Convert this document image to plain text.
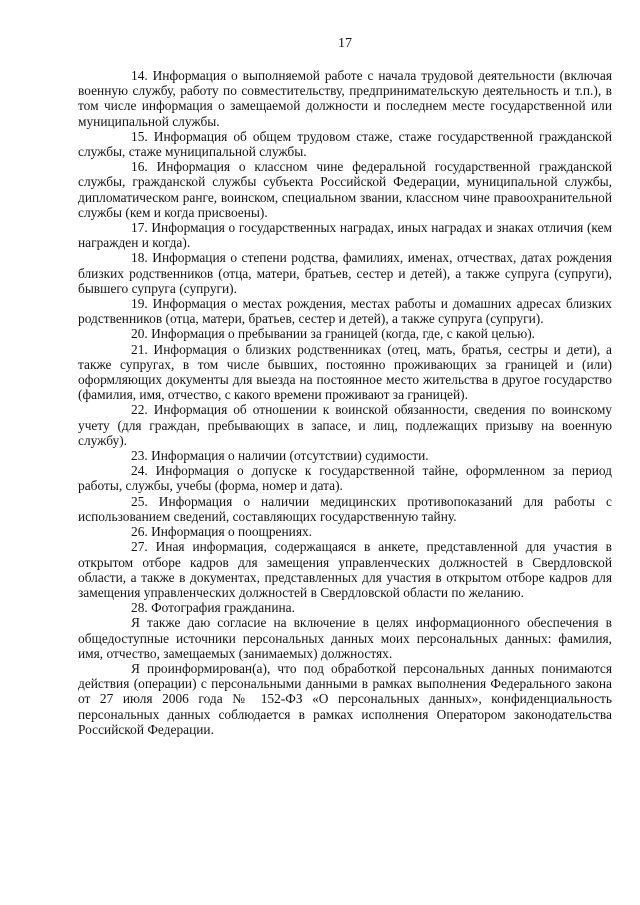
17

14. Информация о выполняемой работе с начала трудовой деятельности (включая военную службу, работу по совместительству, предпринимательскую деятельность и т.п.), в том числе информация о замещаемой должности и последнем месте государственной или муниципальной службы.

15. Информация об общем трудовом стаже, стаже государственной гражданской службы, стаже муниципальной службы.

16. Информация о классном чине федеральной государственной гражданской службы, гражданской службы субъекта Российской Федерации, муниципальной службы, дипломатическом ранге, воинском, специальном звании, классном чине правоохранительной службы (кем и когда присвоены).

17. Информация о государственных наградах, иных наградах и знаках отличия (кем награжден и когда).

18. Информация о степени родства, фамилиях, именах, отчествах, датах рождения близких родственников (отца, матери, братьев, сестер и детей), а также супруга (супруги), бывшего супруга (супруги).

19. Информация о местах рождения, местах работы и домашних адресах близких родственников (отца, матери, братьев, сестер и детей), а также супруга (супруги).

20. Информация о пребывании за границей (когда, где, с какой целью).

21. Информация о близких родственниках (отец, мать, братья, сестры и дети), а также супругах, в том числе бывших, постоянно проживающих за границей и (или) оформляющих документы для выезда на постоянное место жительства в другое государство (фамилия, имя, отчество, с какого времени проживают за границей).

22. Информация об отношении к воинской обязанности, сведения по воинскому учету (для граждан, пребывающих в запасе, и лиц, подлежащих призыву на военную службу).

23. Информация о наличии (отсутствии) судимости.

24. Информация о допуске к государственной тайне, оформленном за период работы, службы, учебы (форма, номер и дата).

25. Информация о наличии медицинских противопоказаний для работы с использованием сведений, составляющих государственную тайну.

26. Информация о поощрениях.

27. Иная информация, содержащаяся в анкете, представленной для участия в открытом отборе кадров для замещения управленческих должностей в Свердловской области, а также в документах, представленных для участия в открытом отборе кадров для замещения управленческих должностей в Свердловской области по желанию.

28. Фотография гражданина.

Я также даю согласие на включение в целях информационного обеспечения в общедоступные источники персональных данных моих персональных данных: фамилия, имя, отчество, замещаемых (занимаемых) должностях.

Я проинформирован(а), что под обработкой персональных данных понимаются действия (операции) с персональными данными в рамках выполнения Федерального закона от 27 июля 2006 года № 152-ФЗ «О персональных данных», конфиденциальность персональных данных соблюдается в рамках исполнения Оператором законодательства Российской Федерации.
